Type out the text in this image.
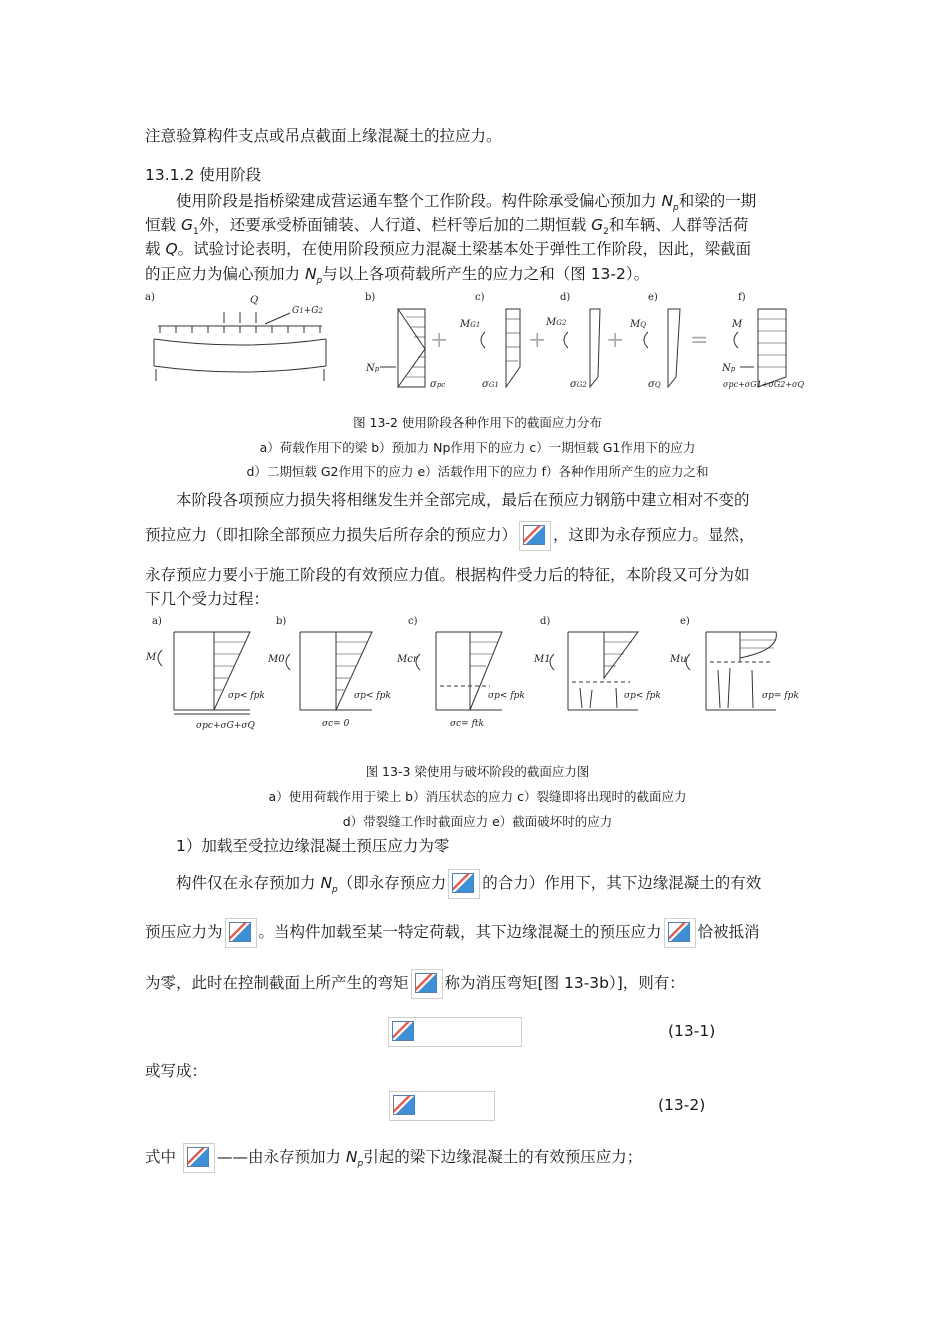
注意验算构件支点或吊点截面上缘混凝土的拉应力。
13.1.2 使用阶段
使用阶段是指桥梁建成营运通车整个工作阶段。构件除承受偏心预加力 $N_p$和梁的一期
恒载 $G_1$外，还要承受桥面铺装、人行道、栏杆等后加的二期恒载 $G_2$和车辆、人群等活荷
载 Q。试验讨论表明，在使用阶段预应力混凝土梁基本处于弹性工作阶段，因此，梁截面
的正应力为偏心预加力 $N_p$与以上各项荷载所产生的应力之和（图 13-2）。
a)	b)	c)	d)	e)	f)
Q
G1+G2
Np
σpc
MG1
σG1
MG2
σG2
MQ
σQ
M
Np
σpc+σG1+σG2+σQ
+	+	+	=
图 13-2 使用阶段各种作用下的截面应力分布
a）荷载作用下的梁 b）预加力 Np作用下的应力 c）一期恒载 G1作用下的应力
d）二期恒载 G2作用下的应力 e）活载作用下的应力 f）各种作用所产生的应力之和
本阶段各项预应力损失将相继发生并全部完成，最后在预应力钢筋中建立相对不变的
预拉应力（即扣除全部预应力损失后所存余的预应力） ，这即为永存预应力。显然，
永存预应力要小于施工阶段的有效预应力值。根据构件受力后的特征，本阶段又可分为如
下几个受力过程：
a)	b)	c)	d)	e)
M	M0	Mcr	M1	Mu
σp< fpk	σp< fpk	σp< fpk	σp< fpk	σp= fpk
σpc+σG+σQ	σc= 0	σc= ftk
图 13-3 梁使用与破坏阶段的截面应力图
a）使用荷载作用于梁上 b）消压状态的应力 c）裂缝即将出现时的截面应力
d）带裂缝工作时截面应力 e）截面破坏时的应力
1）加载至受拉边缘混凝土预压应力为零
构件仅在永存预加力 $N_p$（即永存预应力 的合力）作用下，其下边缘混凝土的有效
预压应力为 。当构件加载至某一特定荷载，其下边缘混凝土的预压应力 恰被抵消
为零，此时在控制截面上所产生的弯矩 称为消压弯矩[图 13-3b）]，则有：
(13-1)
或写成：
(13-2)
式中 ——由永存预加力 $N_p$引起的梁下边缘混凝土的有效预压应力；
